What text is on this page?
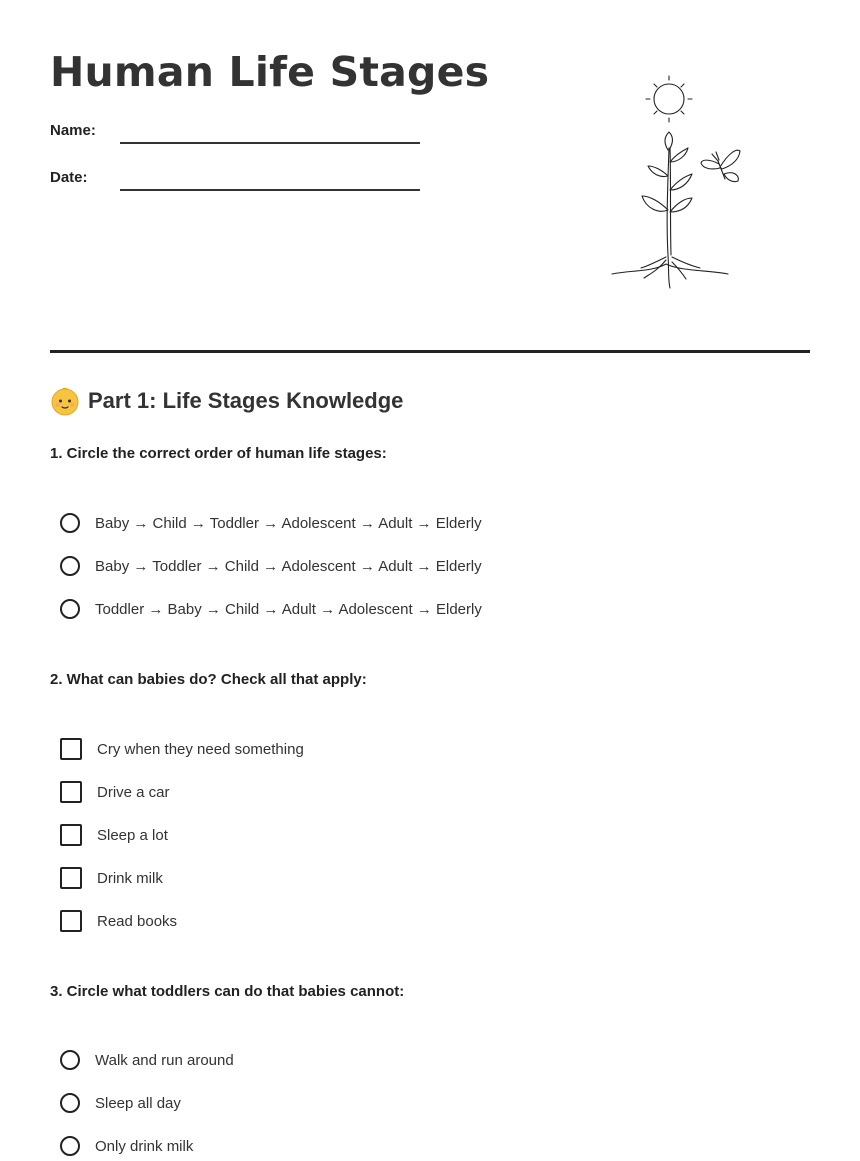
Human Life Stages
Name:
Date:
Part 1: Life Stages Knowledge

1. Circle the correct order of human life stages:

Baby → Child → Toddler → Adolescent → Adult → Elderly
Baby → Toddler → Child → Adolescent → Adult → Elderly
Toddler → Baby → Child → Adult → Adolescent → Elderly

2. What can babies do? Check all that apply:

Cry when they need something
Drive a car
Sleep a lot
Drink milk
Read books

3. Circle what toddlers can do that babies cannot:

Walk and run around
Sleep all day
Only drink milk
